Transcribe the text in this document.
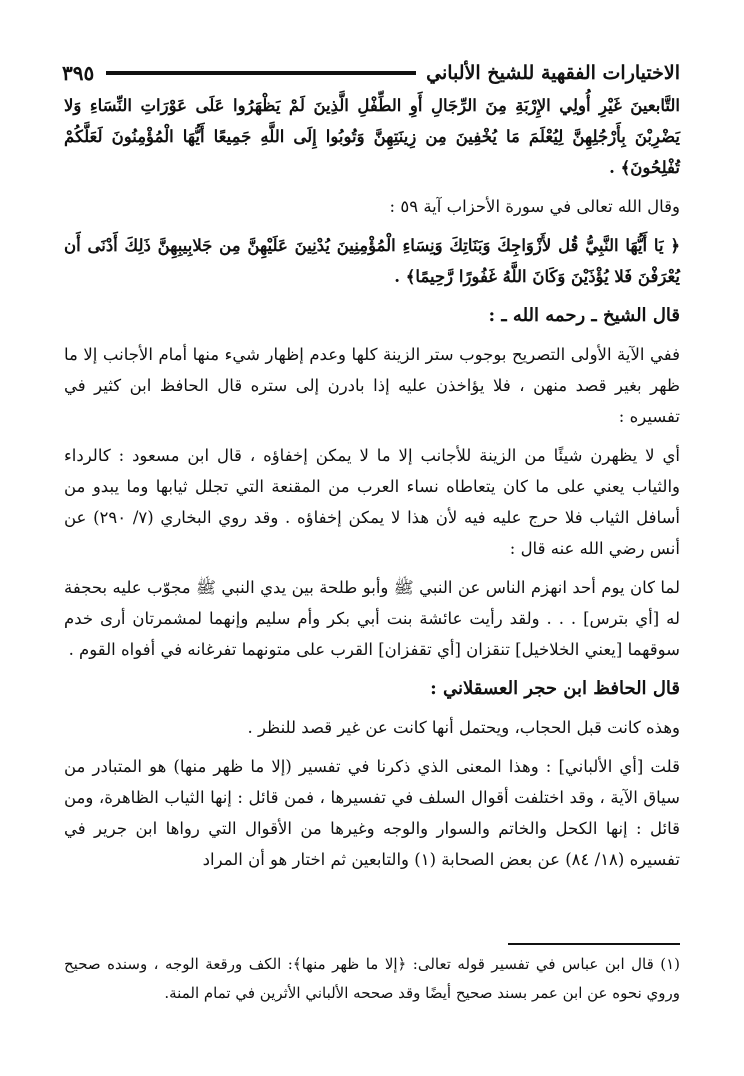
الاختيارات الفقهية للشيخ الألباني
٣٩٥

التَّابعينَ غَيْرِ أُولِي الإِرْبَةِ مِنَ الرِّجَالِ أَوِ الطِّفْلِ الَّذِينَ لَمْ يَظْهَرُوا عَلَى عَوْرَاتِ النِّسَاءِ وَلا يَضْرِبْنَ بِأَرْجُلِهِنَّ لِيُعْلَمَ مَا يُخْفِينَ مِن زِينَتِهِنَّ وَتُوبُوا إِلَى اللَّهِ جَمِيعًا أَيُّهَا الْمُؤْمِنُونَ لَعَلَّكُمْ تُفْلِحُونَ﴾ .

وقال الله تعالى في سورة الأحزاب آية ٥٩ :

﴿ يَا أَيُّهَا النَّبِيُّ قُل لأَزْوَاجِكَ وَبَنَاتِكَ وَنِسَاءِ الْمُؤْمِنِينَ يُدْنِينَ عَلَيْهِنَّ مِن جَلابِيبِهِنَّ ذَلِكَ أَدْنَى أَن يُعْرَفْنَ فَلا يُؤْذَيْنَ وَكَانَ اللَّهُ غَفُورًا رَّحِيمًا﴾ .

قال الشيخ ـ رحمه الله ـ :

ففي الآية الأولى التصريح بوجوب ستر الزينة كلها وعدم إظهار شيء منها أمام الأجانب إلا ما ظهر بغير قصد منهن ، فلا يؤاخذن عليه إذا بادرن إلى ستره قال الحافظ ابن كثير في تفسيره :

أي لا يظهرن شيئًا من الزينة للأجانب إلا ما لا يمكن إخفاؤه ، قال ابن مسعود : كالرداء والثياب يعني على ما كان يتعاطاه نساء العرب من المقنعة التي تجلل ثيابها وما يبدو من أسافل الثياب فلا حرج عليه فيه لأن هذا لا يمكن إخفاؤه . وقد روي البخاري (٧/ ٢٩٠) عن أنس رضي الله عنه قال :

لما كان يوم أحد انهزم الناس عن النبي ﷺ وأبو طلحة بين يدي النبي ﷺ مجوّب عليه بحجفة له [أي بترس] . . . ولقد رأيت عائشة بنت أبي بكر وأم سليم وإنهما لمشمرتان أرى خدم سوقهما [يعني الخلاخيل] تنقزان [أي تقفزان] القرب على متونهما تفرغانه في أفواه القوم .

قال الحافظ ابن حجر العسقلاني :

وهذه كانت قبل الحجاب، ويحتمل أنها كانت عن غير قصد للنظر .

قلت [أي الألباني] : وهذا المعنى الذي ذكرنا في تفسير (إلا ما ظهر منها) هو المتبادر من سياق الآية ، وقد اختلفت أقوال السلف في تفسيرها ، فمن قائل : إنها الثياب الظاهرة، ومن قائل : إنها الكحل والخاتم والسوار والوجه وغيرها من الأقوال التي رواها ابن جرير في تفسيره (١٨/ ٨٤) عن بعض الصحابة (١) والتابعين ثم اختار هو أن المراد

(١) قال ابن عباس في تفسير قوله تعالى: ﴿إلا ما ظهر منها﴾: الكف ورقعة الوجه ، وسنده صحيح وروي نحوه عن ابن عمر بسند صحيح أيضًا وقد صححه الألباني الأثرين في تمام المنة.
